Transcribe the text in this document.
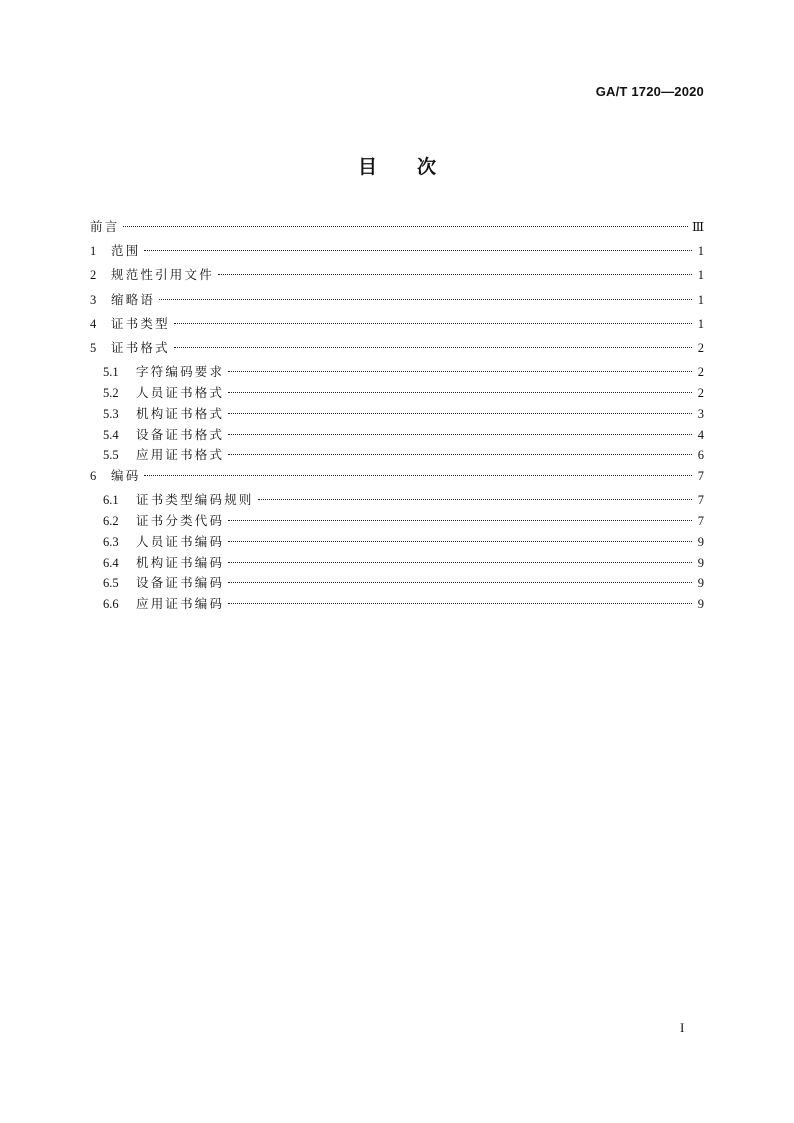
GA/T 1720—2020
目次
前言	Ⅲ
1	范围	1
2	规范性引用文件	1
3	缩略语	1
4	证书类型	1
5	证书格式	2
5.1	字符编码要求	2
5.2	人员证书格式	2
5.3	机构证书格式	3
5.4	设备证书格式	4
5.5	应用证书格式	6
6	编码	7
6.1	证书类型编码规则	7
6.2	证书分类代码	7
6.3	人员证书编码	9
6.4	机构证书编码	9
6.5	设备证书编码	9
6.6	应用证书编码	9
I
